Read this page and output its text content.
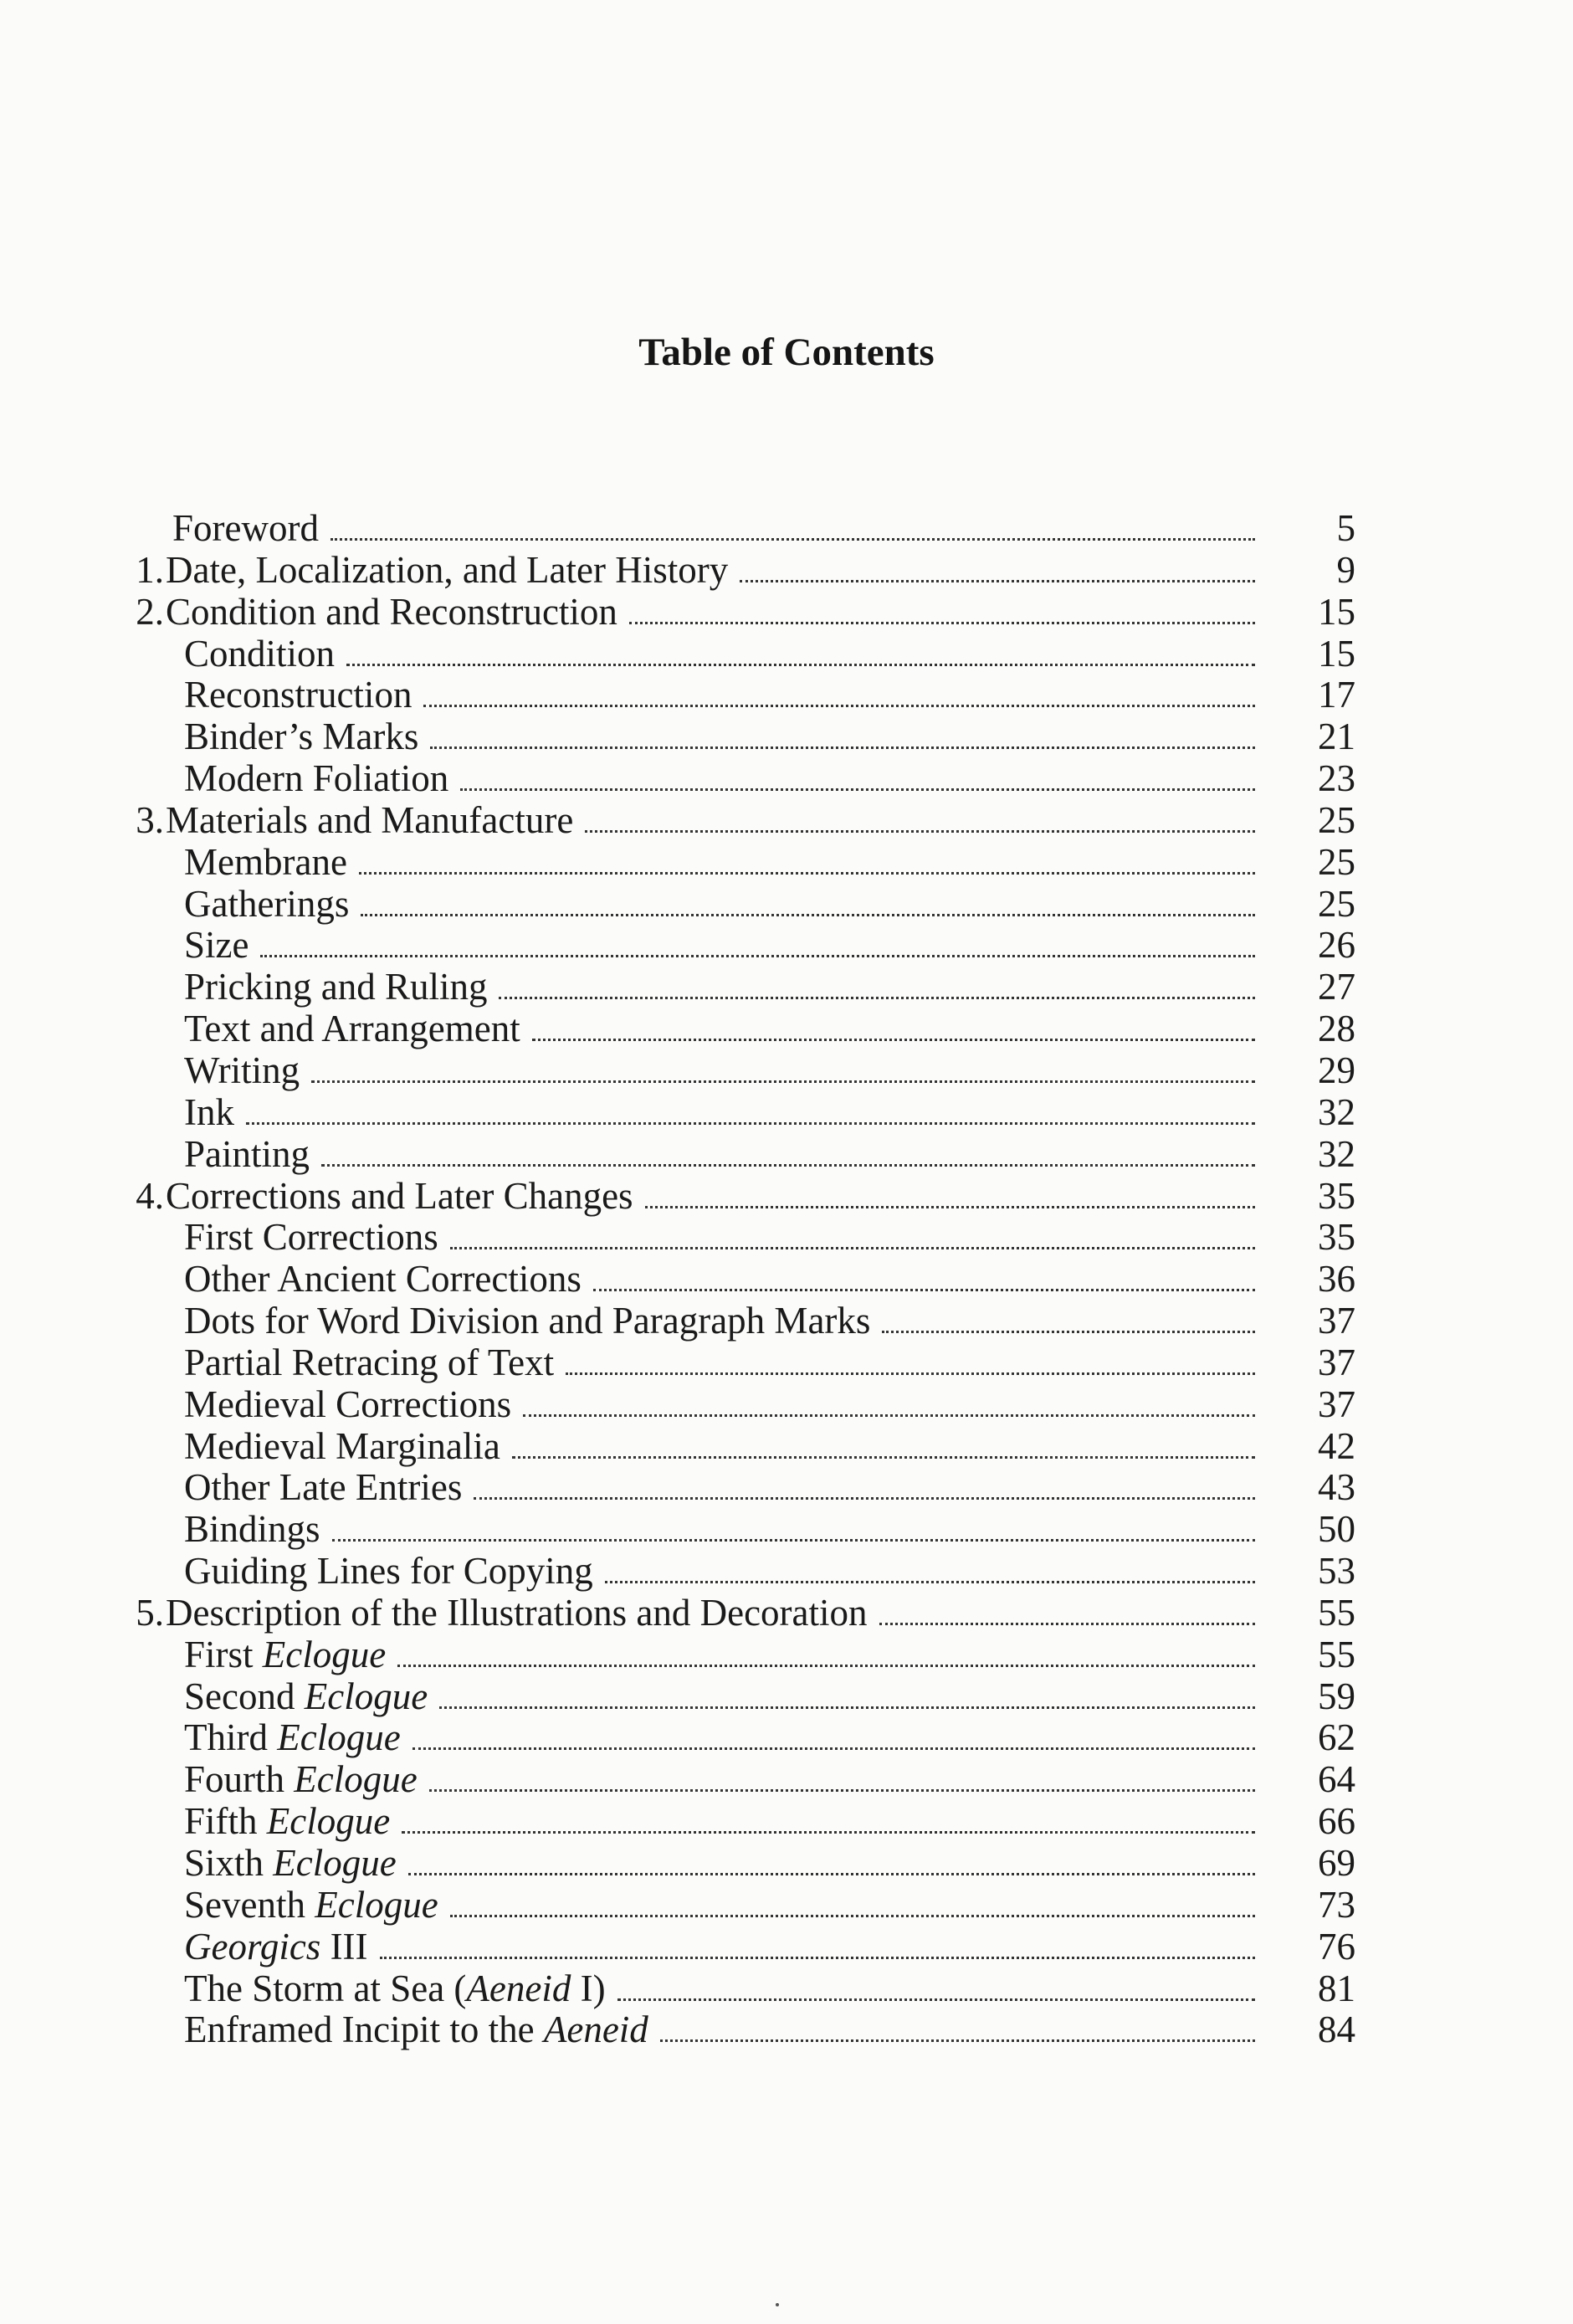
Table of Contents
Foreword	5
1. Date, Localization, and Later History	9
2. Condition and Reconstruction	15
Condition	15
Reconstruction	17
Binder’s Marks	21
Modern Foliation	23
3. Materials and Manufacture	25
Membrane	25
Gatherings	25
Size	26
Pricking and Ruling	27
Text and Arrangement	28
Writing	29
Ink	32
Painting	32
4. Corrections and Later Changes	35
First Corrections	35
Other Ancient Corrections	36
Dots for Word Division and Paragraph Marks	37
Partial Retracing of Text	37
Medieval Corrections	37
Medieval Marginalia	42
Other Late Entries	43
Bindings	50
Guiding Lines for Copying	53
5. Description of the Illustrations and Decoration	55
First Eclogue	55
Second Eclogue	59
Third Eclogue	62
Fourth Eclogue	64
Fifth Eclogue	66
Sixth Eclogue	69
Seventh Eclogue	73
Georgics III	76
The Storm at Sea (Aeneid I)	81
Enframed Incipit to the Aeneid	84
